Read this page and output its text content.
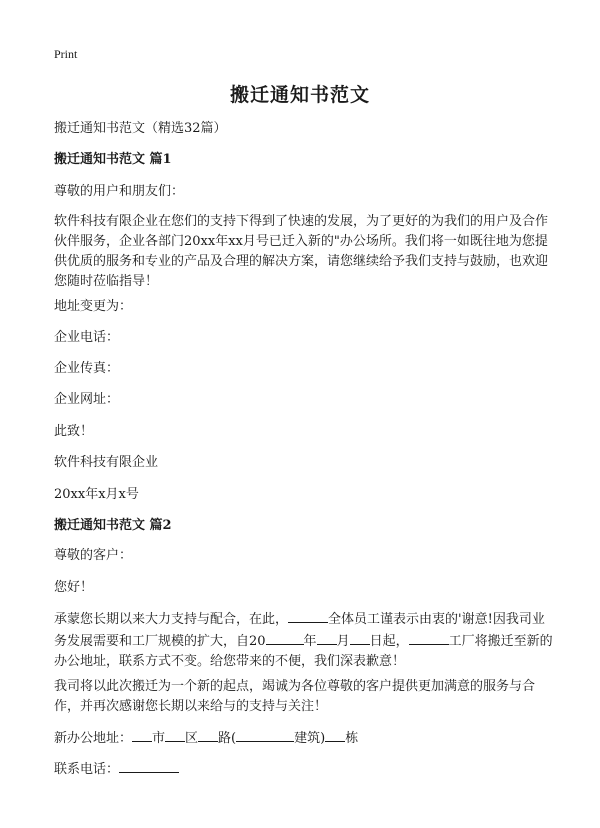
Print
搬迁通知书范文
搬迁通知书范文（精选32篇）
搬迁通知书范文 篇1
尊敬的用户和朋友们：
软件科技有限企业在您们的支持下得到了快速的发展，为了更好的为我们的用户及合作伙伴服务，企业各部门20xx年xx月号已迁入新的"办公场所。我们将一如既往地为您提供优质的服务和专业的产品及合理的解决方案，请您继续给予我们支持与鼓励，也欢迎您随时莅临指导！
地址变更为：
企业电话：
企业传真：
企业网址：
此致！
软件科技有限企业
20xx年x月x号
搬迁通知书范文 篇2
尊敬的客户：
您好！
承蒙您长期以来大力支持与配合，在此，	全体员工谨表示由衷的'谢意!因我司业务发展需要和工厂规模的扩大，自20	年 月 日起，	工厂将搬迁至新的办公地址，联系方式不变。给您带来的不便，我们深表歉意！
我司将以此次搬迁为一个新的起点，竭诚为各位尊敬的客户提供更加满意的服务与合作，并再次感谢您长期以来给与的支持与关注！
新办公地址： 市 区 路(	建筑) 栋
联系电话：
